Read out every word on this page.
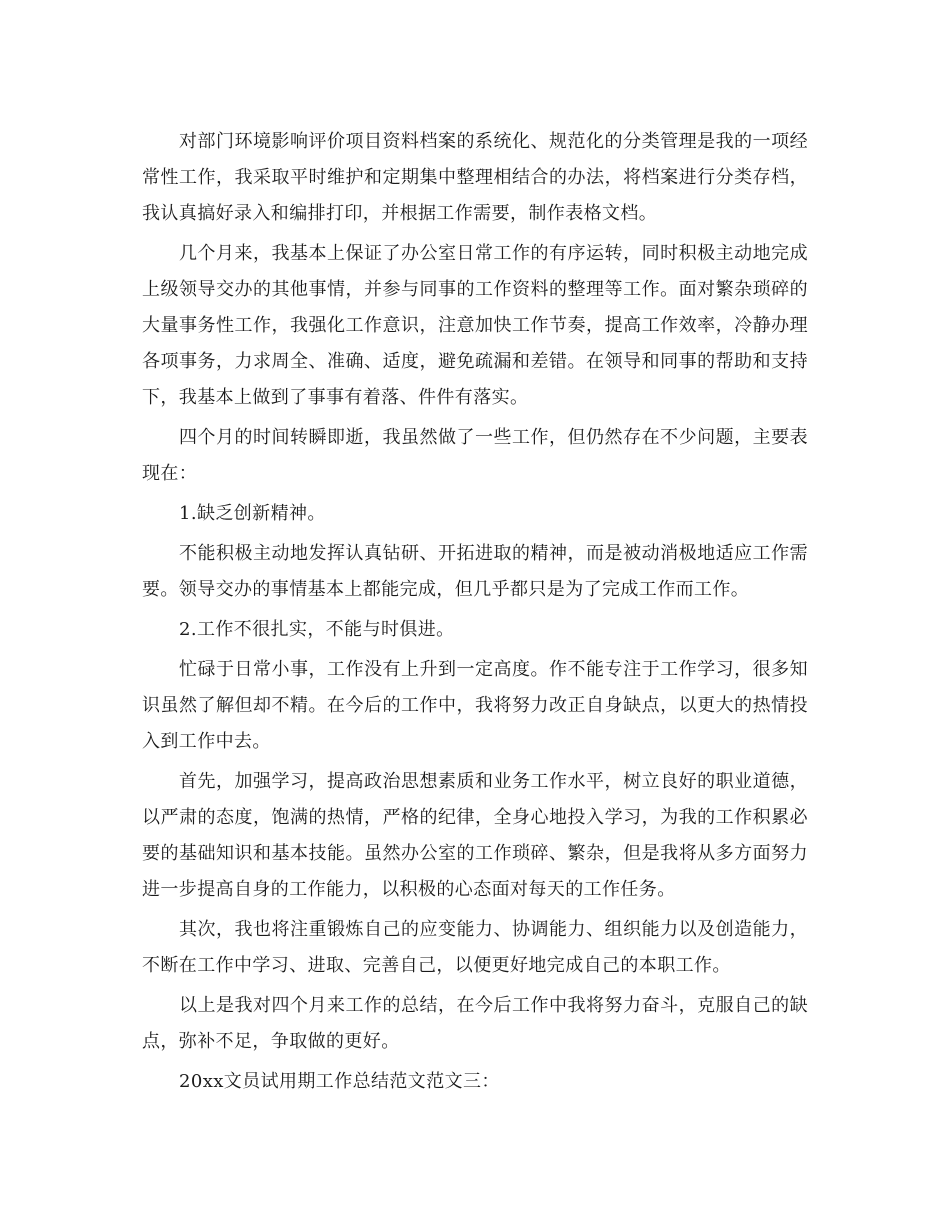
对部门环境影响评价项目资料档案的系统化、规范化的分类管理是我的一项经常性工作，我采取平时维护和定期集中整理相结合的办法，将档案进行分类存档，我认真搞好录入和编排打印，并根据工作需要，制作表格文档。

几个月来，我基本上保证了办公室日常工作的有序运转，同时积极主动地完成上级领导交办的其他事情，并参与同事的工作资料的整理等工作。面对繁杂琐碎的大量事务性工作，我强化工作意识，注意加快工作节奏，提高工作效率，冷静办理各项事务，力求周全、准确、适度，避免疏漏和差错。在领导和同事的帮助和支持下，我基本上做到了事事有着落、件件有落实。

四个月的时间转瞬即逝，我虽然做了一些工作，但仍然存在不少问题，主要表现在：

1.缺乏创新精神。

不能积极主动地发挥认真钻研、开拓进取的精神，而是被动消极地适应工作需要。领导交办的事情基本上都能完成，但几乎都只是为了完成工作而工作。

2.工作不很扎实，不能与时俱进。

忙碌于日常小事，工作没有上升到一定高度。作不能专注于工作学习，很多知识虽然了解但却不精。在今后的工作中，我将努力改正自身缺点，以更大的热情投入到工作中去。

首先，加强学习，提高政治思想素质和业务工作水平，树立良好的职业道德，以严肃的态度，饱满的热情，严格的纪律，全身心地投入学习，为我的工作积累必要的基础知识和基本技能。虽然办公室的工作琐碎、繁杂，但是我将从多方面努力进一步提高自身的工作能力，以积极的心态面对每天的工作任务。

其次，我也将注重锻炼自己的应变能力、协调能力、组织能力以及创造能力，不断在工作中学习、进取、完善自己，以便更好地完成自己的本职工作。

以上是我对四个月来工作的总结，在今后工作中我将努力奋斗，克服自己的缺点，弥补不足，争取做的更好。

20xx文员试用期工作总结范文范文三：
